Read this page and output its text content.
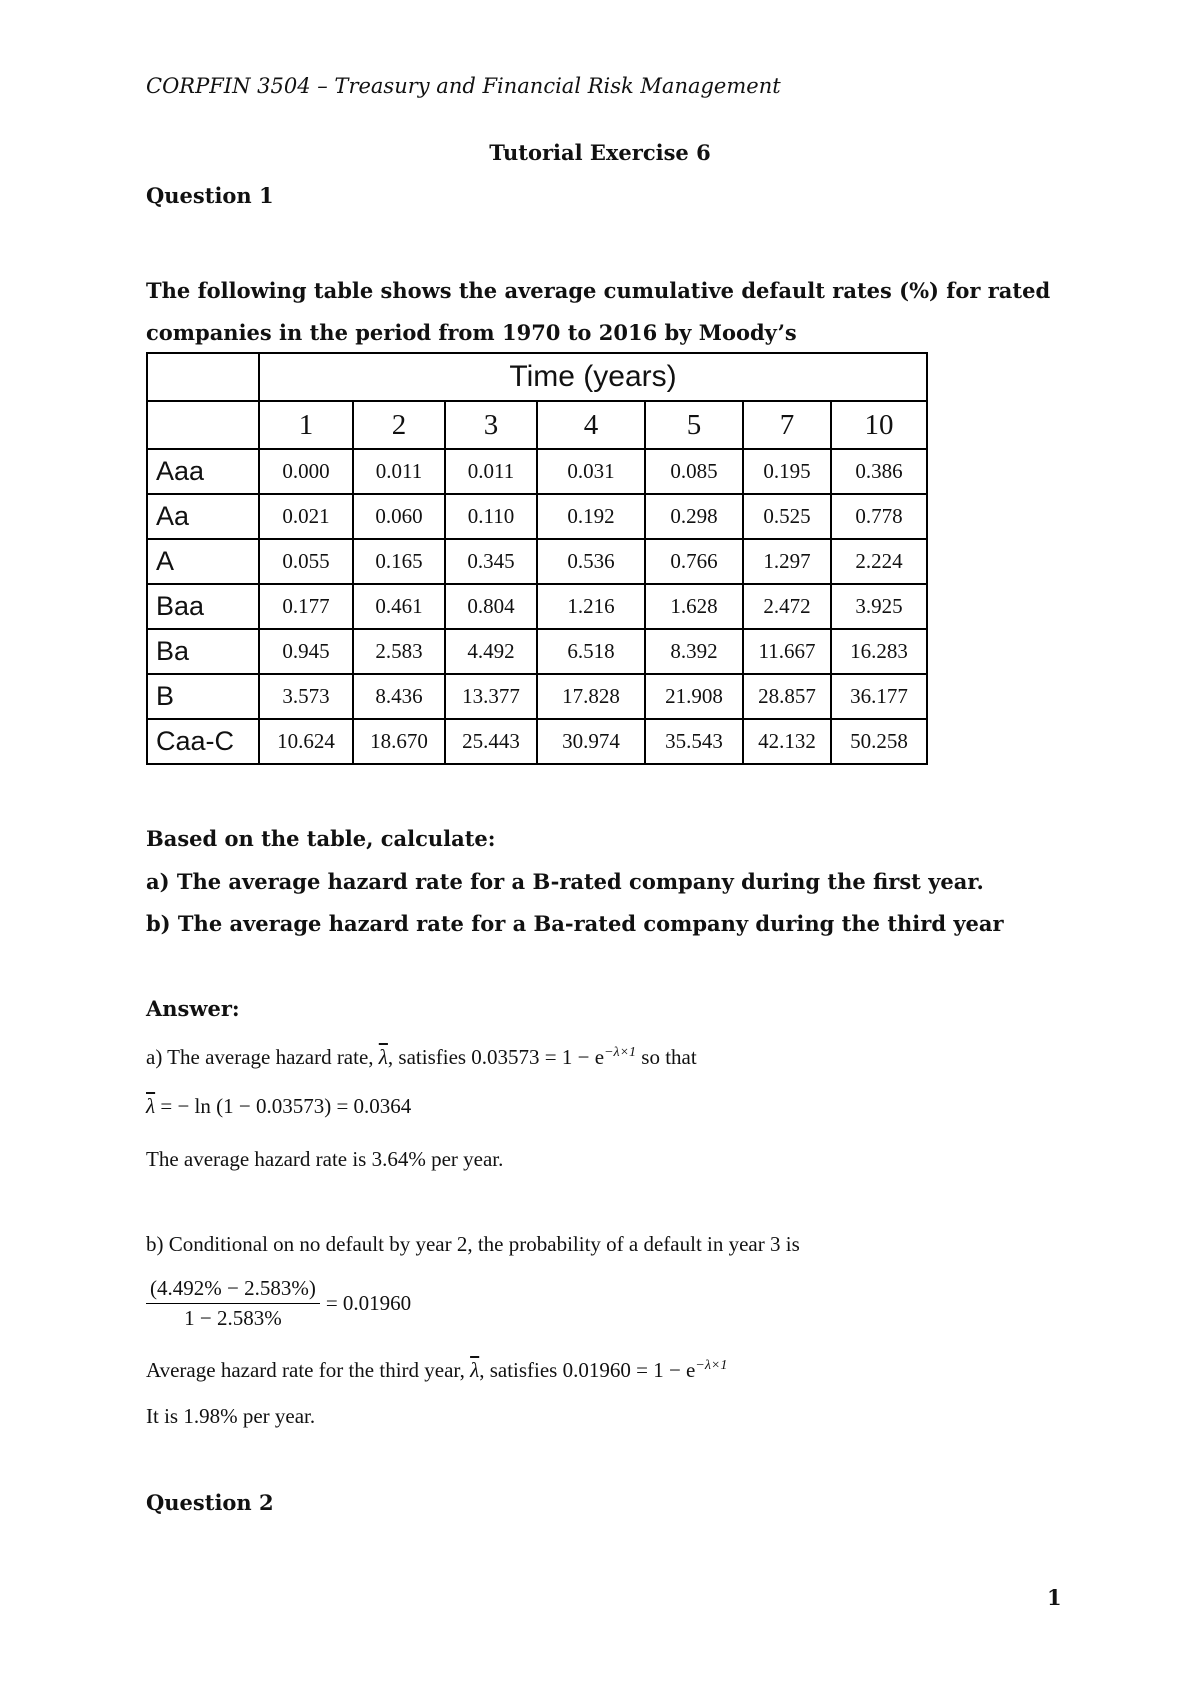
CORPFIN 3504 – Treasury and Financial Risk Management
Tutorial Exercise 6
Question 1
The following table shows the average cumulative default rates (%) for rated companies in the period from 1970 to 2016 by Moody’s
	Time (years)						
	1	2	3	4	5	7	10
Aaa	0.000	0.011	0.011	0.031	0.085	0.195	0.386
Aa	0.021	0.060	0.110	0.192	0.298	0.525	0.778
A	0.055	0.165	0.345	0.536	0.766	1.297	2.224
Baa	0.177	0.461	0.804	1.216	1.628	2.472	3.925
Ba	0.945	2.583	4.492	6.518	8.392	11.667	16.283
B	3.573	8.436	13.377	17.828	21.908	28.857	36.177
Caa-C	10.624	18.670	25.443	30.974	35.543	42.132	50.258
Based on the table, calculate:
a) The average hazard rate for a B-rated company during the first year.
b) The average hazard rate for a Ba-rated company during the third year
Answer:
a) The average hazard rate, $\overline{\lambda}$, satisfies $0.03573 = 1 - e^{-\lambda\times 1}$ so that
$\overline{\lambda}$ = − ln (1 − 0.03573) = 0.0364
The average hazard rate is 3.64% per year.
b) Conditional on no default by year 2, the probability of a default in year 3 is
$\frac{(4.492\% - 2.583\%)}{1 - 2.583\%} = 0.01960$
Average hazard rate for the third year, $\overline{\lambda}$, satisfies $0.01960 = 1 - e^{-\lambda\times 1}$
It is 1.98% per year.
Question 2
1
